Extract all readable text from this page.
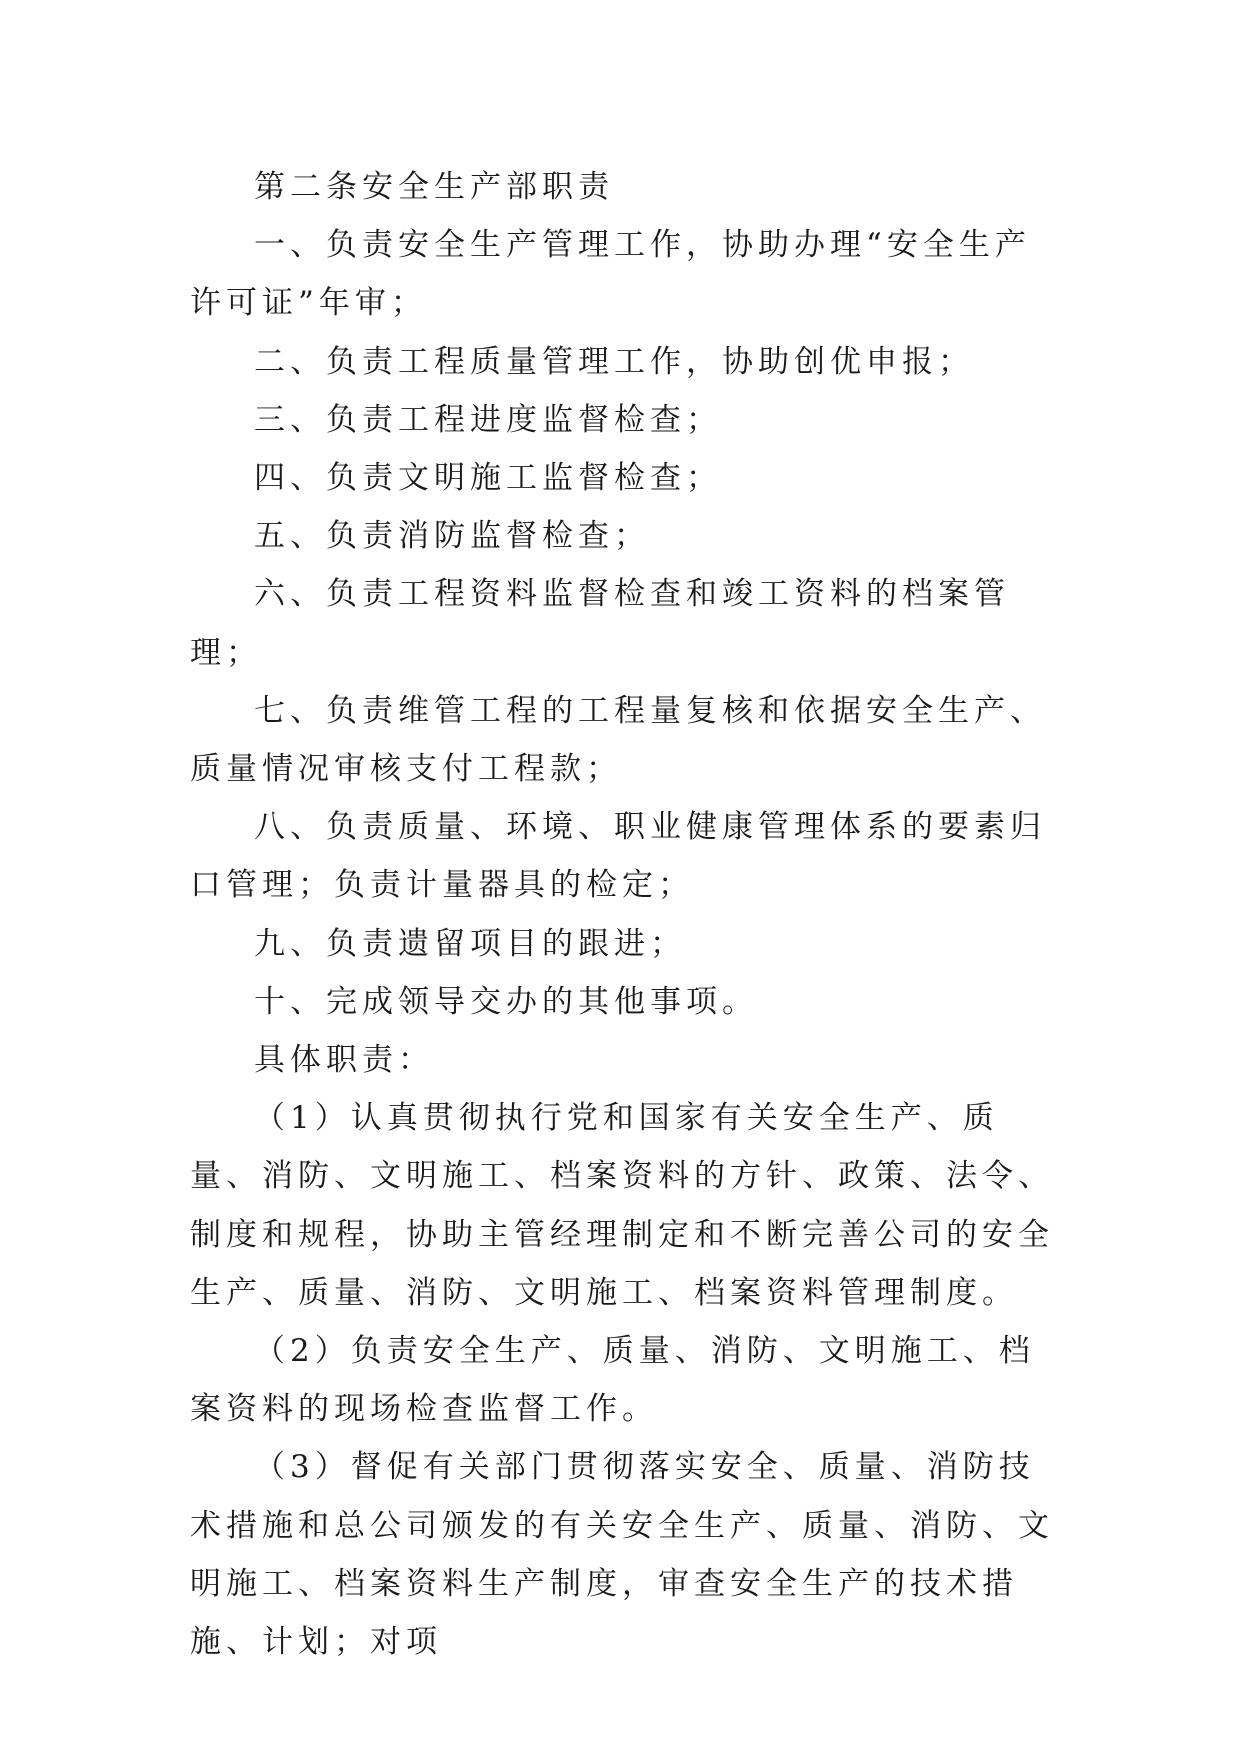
第二条安全生产部职责

一、负责安全生产管理工作，协助办理“安全生产许可证”年审；

二、负责工程质量管理工作，协助创优申报；

三、负责工程进度监督检查；

四、负责文明施工监督检查；

五、负责消防监督检查；

六、负责工程资料监督检查和竣工资料的档案管理；

七、负责维管工程的工程量复核和依据安全生产、质量情况审核支付工程款；

八、负责质量、环境、职业健康管理体系的要素归口管理；负责计量器具的检定；

九、负责遗留项目的跟进；

十、完成领导交办的其他事项。

具体职责：

（1）认真贯彻执行党和国家有关安全生产、质量、消防、文明施工、档案资料的方针、政策、法令、制度和规程，协助主管经理制定和不断完善公司的安全生产、质量、消防、文明施工、档案资料管理制度。

（2）负责安全生产、质量、消防、文明施工、档案资料的现场检查监督工作。

（3）督促有关部门贯彻落实安全、质量、消防技术措施和总公司颁发的有关安全生产、质量、消防、文明施工、档案资料生产制度，审查安全生产的技术措施、计划；对项
